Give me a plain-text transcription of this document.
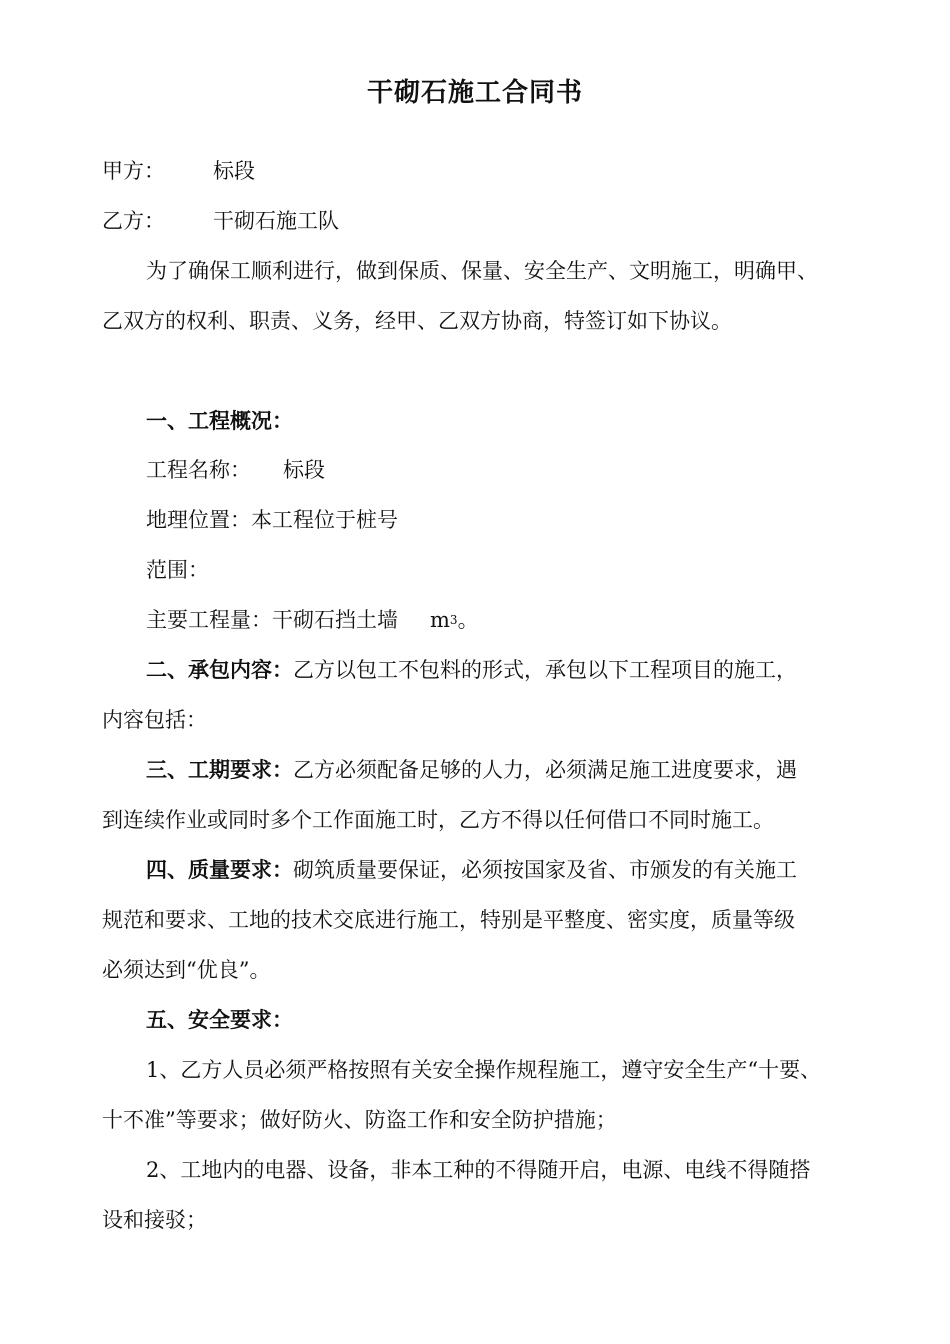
干砌石施工合同书
甲方： 标段
乙方： 干砌石施工队
为了确保工顺利进行，做到保质、保量、安全生产、文明施工，明确甲、
乙双方的权利、职责、义务，经甲、乙双方协商，特签订如下协议。
一、工程概况：
工程名称： 标段
地理位置：本工程位于桩号
范围：
主要工程量：干砌石挡土墙 $m^3$。
二、承包内容：乙方以包工不包料的形式，承包以下工程项目的施工，
内容包括：
三、工期要求：乙方必须配备足够的人力，必须满足施工进度要求，遇
到连续作业或同时多个工作面施工时，乙方不得以任何借口不同时施工。
四、质量要求：砌筑质量要保证，必须按国家及省、市颁发的有关施工
规范和要求、工地的技术交底进行施工，特别是平整度、密实度，质量等级
必须达到“优良”。
五、安全要求：
1、乙方人员必须严格按照有关安全操作规程施工，遵守安全生产“十要、
十不准”等要求；做好防火、防盗工作和安全防护措施；
2、工地内的电器、设备，非本工种的不得随开启，电源、电线不得随搭
设和接驳；
